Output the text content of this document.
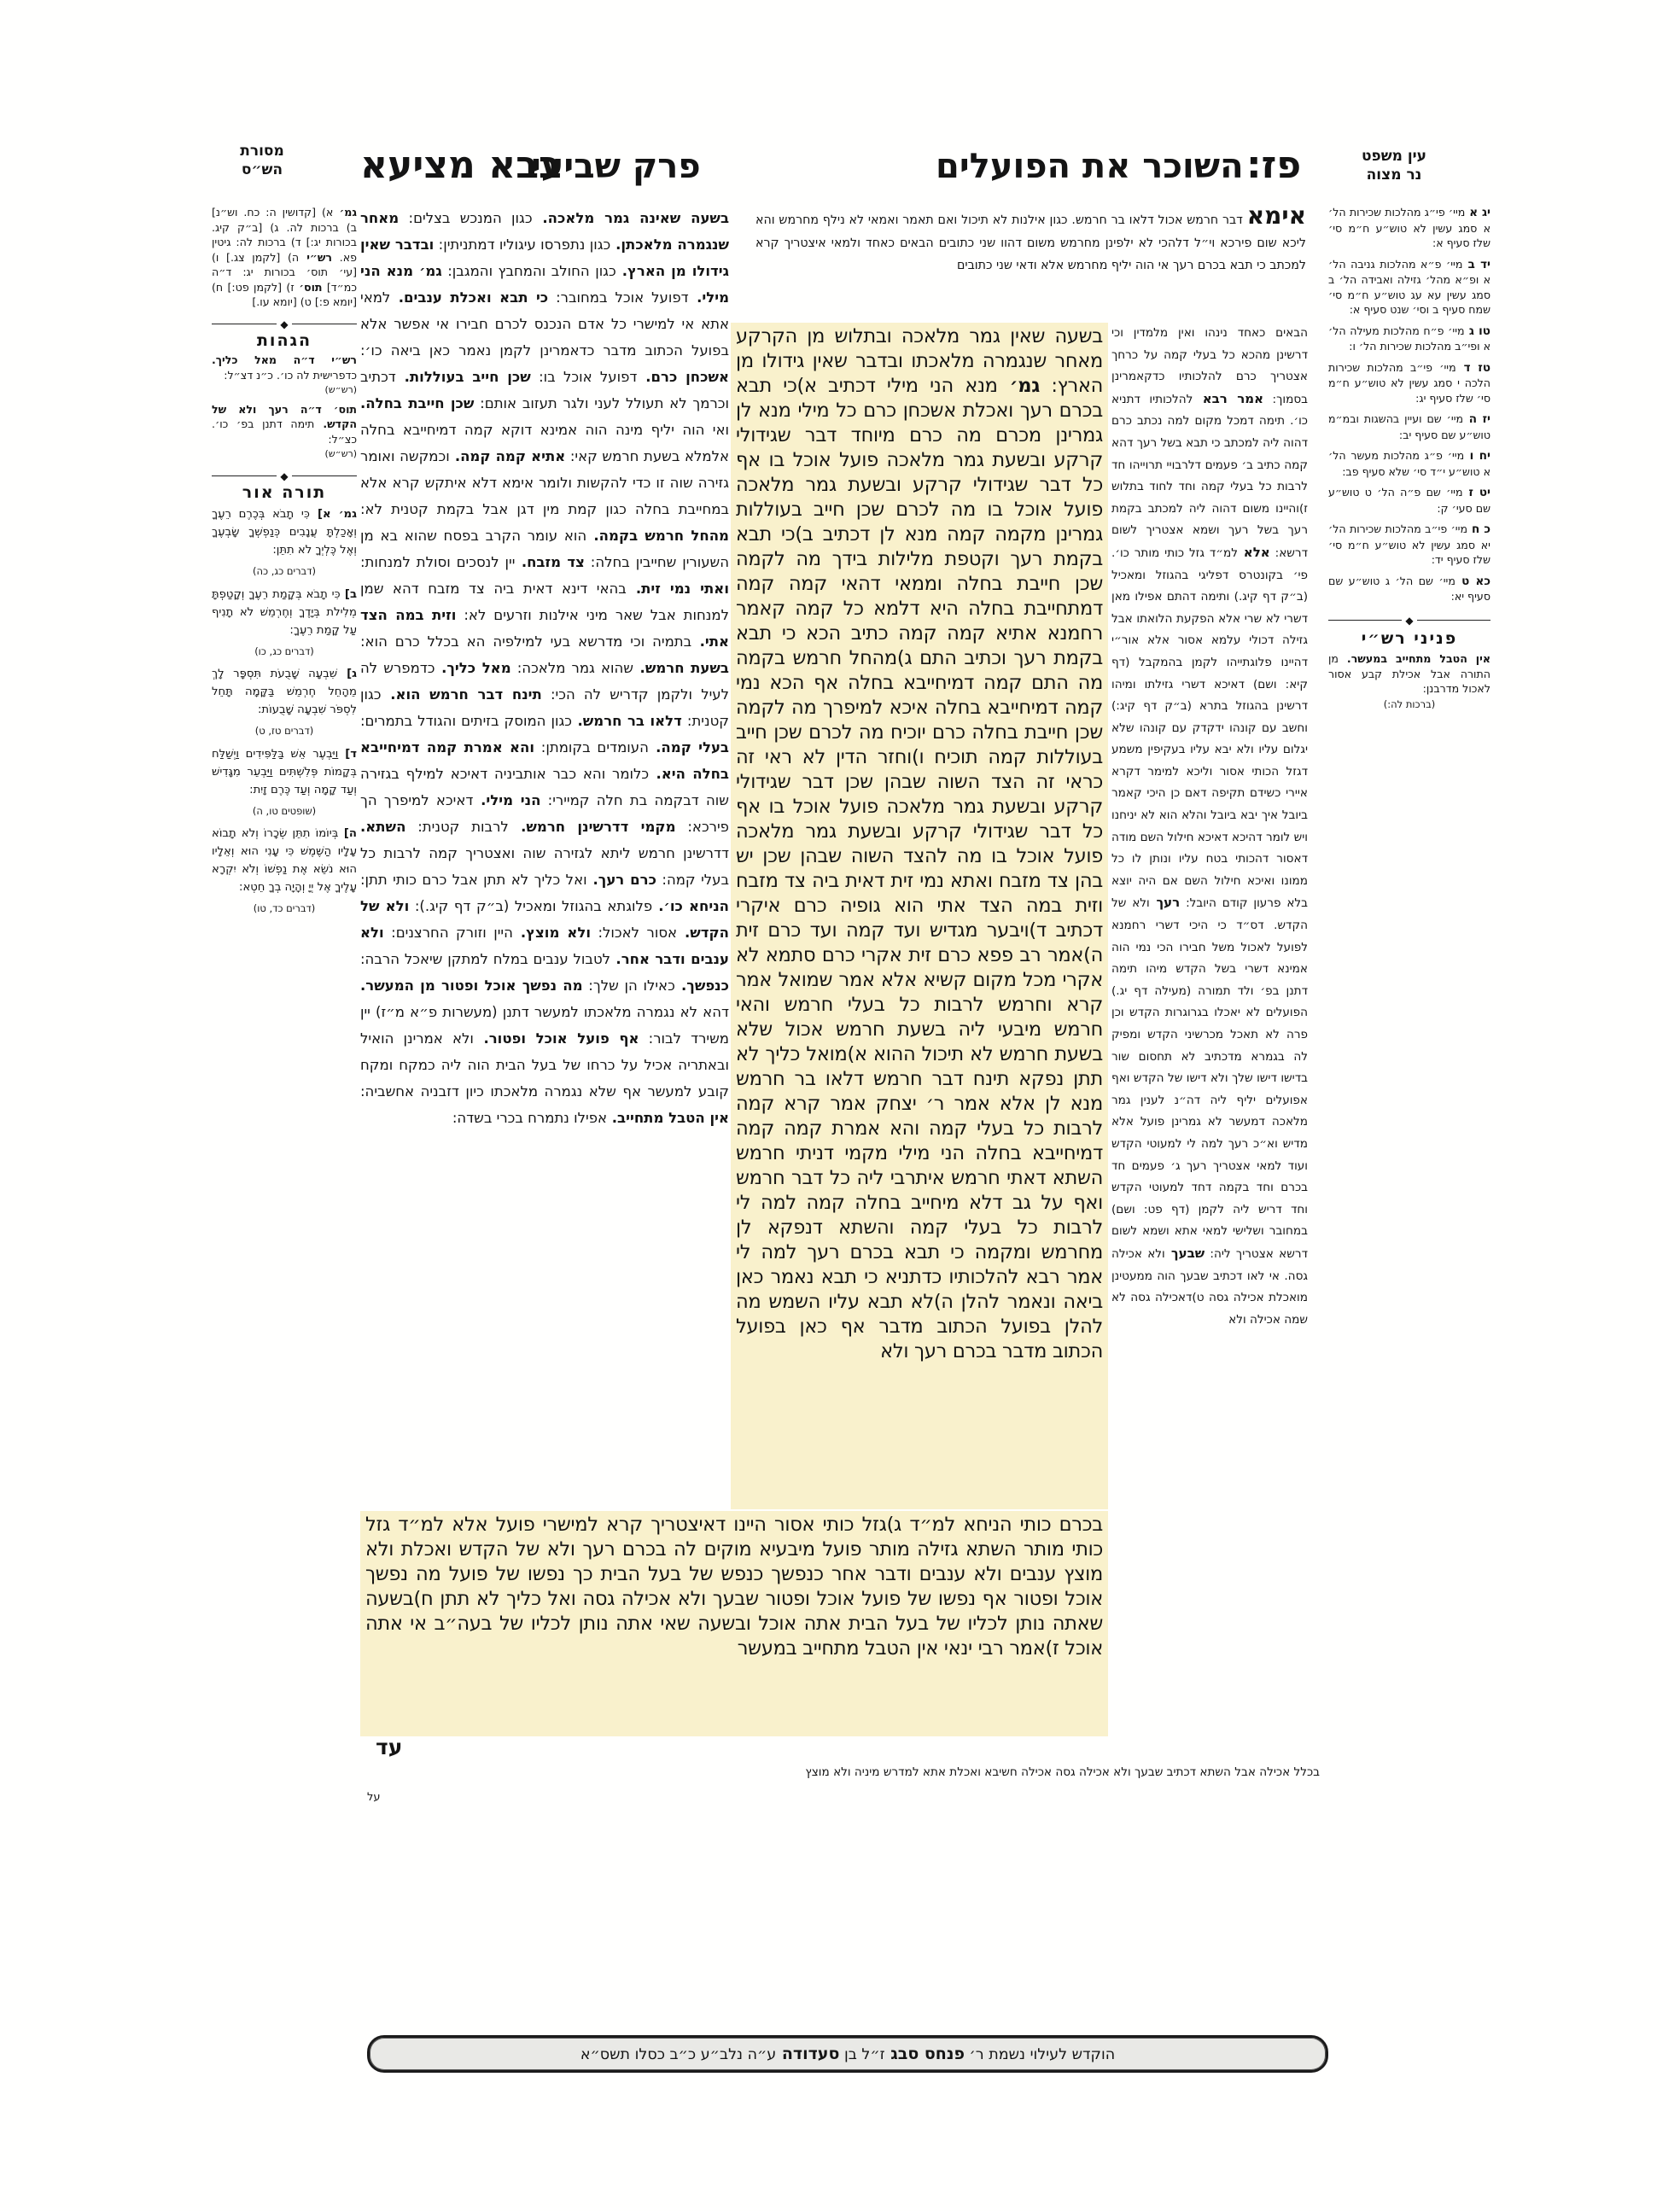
מסורת
הש״ס	בבא מציעא
פרק שביעי	השוכר את הפועלים פז:	עין משפט
נר מצוה
גמ׳ א) [קדושין ה: כח. וש״נ] ב) ברכות לה. ג) [ב״ק קיג. בכורות יג:] ד) ברכות לה: גיטין פא. רש״י ה) [לקמן צג.] ו) [עי׳ תוס׳ בכורות יג: ד״ה כמ״ד] תוס׳ ז) [לקמן פט:] ח) [יומא פ:] ט) [יומא עו.]
◆
הגהות
רש״י ד״ה מאל כליך. כדפרישית לה כו׳. כ״נ דצ״ל:
(רש״ש)
תוס׳ ד״ה רעך ולא של הקדש. תימה דתנן בפ׳ כו׳. כצ״ל:
(רש״ש)
◆
תורה אור
גמ׳ א] כִּי תָבֹא בְּכֶרֶם רֵעֶךָ וְאָכַלְתָּ עֲנָבִים כְּנַפְשְׁךָ שָׂבְעֶךָ וְאֶל כֶּלְיְךָ לֹא תִתֵּן:
(דברים כג, כה)
ב] כִּי תָבֹא בְּקָמַת רֵעֶךָ וְקָטַפְתָּ מְלִילֹת בְּיָדֶךָ וְחֶרְמֵשׁ לֹא תָנִיף עַל קָמַת רֵעֶךָ:
(דברים כג, כו)
ג] שִׁבְעָה שָׁבֻעֹת תִּסְפָּר לָךְ מֵהָחֵל חֶרְמֵשׁ בַּקָּמָה תָּחֵל לִסְפֹּר שִׁבְעָה שָׁבֻעוֹת:
(דברים טז, ט)
ד] וַיַּבְעֶר אֵשׁ בַּלַּפִּידִים וַיְשַׁלַּח בְּקָמוֹת פְּלִשְׁתִּים וַיַּבְעֵר מִגָּדִישׁ וְעַד קָמָה וְעַד כֶּרֶם זָיִת:
(שופטים טו, ה)
ה] בְּיוֹמוֹ תִתֵּן שְׂכָרוֹ וְלֹא תָבוֹא עָלָיו הַשֶּׁמֶשׁ כִּי עָנִי הוּא וְאֵלָיו הוּא נֹשֵׂא אֶת נַפְשׁוֹ וְלֹא יִקְרָא עָלֶיךָ אֶל יְיָ וְהָיָה בְךָ חֵטְא:
(דברים כד, טו)
בשעה שאינה גמר מלאכה. כגון המנכש בצלים: מאחר שנגמרה מלאכתן. כגון נתפרסו עיגוליו דמתניתין: ובדבר שאין גידולו מן הארץ. כגון החולב והמחבץ והמגבן: גמ׳ מנא הני מילי. דפועל אוכל במחובר: כי תבא ואכלת ענבים. למאי אתא אי למישרי כל אדם הנכנס לכרם חבירו אי אפשר אלא בפועל הכתוב מדבר כדאמרינן לקמן נאמר כאן ביאה כו׳: אשכחן כרם. דפועל אוכל בו: שכן חייב בעוללות. דכתיב וכרמך לא תעולל לעני ולגר תעזוב אותם: שכן חייבת בחלה. ואי הוה יליף מינה הוה אמינא דוקא קמה דמיחייבא בחלה אלמלא בשעת חרמש קאי: אתיא קמה קמה. וכמקשה ואומר גזירה שוה זו כדי להקשות ולומר אימא דלא איתקש קרא אלא במחייבת בחלה כגון קמת מין דגן אבל בקמת קטנית לא: מהחל חרמש בקמה. הוא עומר הקרב בפסח שהוא בא מן השעורין שחייבין בחלה: צד מזבח. יין לנסכים וסולת למנחות: ואתי נמי זית. בהאי דינא דאית ביה צד מזבח דהא שמן למנחות אבל שאר מיני אילנות וזרעים לא: וזית במה הצד אתי. בתמיה וכי מדרשא בעי למילפיה הא בכלל כרם הוא: בשעת חרמש. שהוא גמר מלאכה: מאל כליך. כדמפרש לה לעיל ולקמן קדריש לה הכי: תינח דבר חרמש הוא. כגון קטנית: דלאו בר חרמש. כגון המוסק בזיתים והגודל בתמרים: בעלי קמה. העומדים בקומתן: והא אמרת קמה דמיחייבא בחלה היא. כלומר והא כבר אותביניה דאיכא למילף בגזירה שוה דבקמה בת חלה קמיירי: הני מילי. דאיכא למיפרך הך פירכא: מקמי דדרשינן חרמש. לרבות קטנית: השתא. דדרשינן חרמש ליתא לגזירה שוה ואצטריך קמה לרבות כל בעלי קמה: כרם רעך. ואל כליך לא תתן אבל כרם כותי תתן: הניחא כו׳. פלוגתא בהגוזל ומאכיל (ב״ק דף קיג.): ולא של הקדש. אסור לאכול: ולא מוצץ. היין וזורק החרצנים: ולא ענבים ודבר אחר. לטבול ענבים במלח למתקן שיאכל הרבה: כנפשך. כאילו הן שלך: מה נפשך אוכל ופטור מן המעשר. דהא לא נגמרה מלאכתו למעשר דתנן (מעשרות פ״א מ״ז) יין משירד לבור: אף פועל אוכל ופטור. ולא אמרינן הואיל ובאתריה אכיל על כרחו של בעל הבית הוה ליה כמקח ומקח קובע למעשר אף שלא נגמרה מלאכתו כיון דזבניה אחשביה: אין הטבל מתחייב. אפילו נתמרח בכרי בשדה:
אימא דבר חרמש אכול דלאו בר חרמש. כגון אילנות לא תיכול ואם תאמר ואמאי לא נילף מחרמש והא ליכא שום פירכא וי״ל דלהכי לא ילפינן מחרמש משום דהוו שני כתובים הבאים כאחד ולמאי איצטריך קרא למכתב כי תבא בכרם רעך אי הוה יליף מחרמש אלא ודאי שני כתובים
בשעה שאין גמר מלאכה ובתלוש מן הקרקע מאחר שנגמרה מלאכתו ובדבר שאין גידולו מן הארץ: גמ׳ מנא הני מילי דכתיב א)כי תבא בכרם רעך ואכלת אשכחן כרם כל מילי מנא לן גמרינן מכרם מה כרם מיוחד דבר שגידולי קרקע ובשעת גמר מלאכה פועל אוכל בו אף כל דבר שגידולי קרקע ובשעת גמר מלאכה פועל אוכל בו מה לכרם שכן חייב בעוללות גמרינן מקמה קמה מנא לן דכתיב ב)כי תבא בקמת רעך וקטפת מלילות בידך מה לקמה שכן חייבת בחלה וממאי דהאי קמה קמה דמתחייבת בחלה היא דלמא כל קמה קאמר רחמנא אתיא קמה קמה כתיב הכא כי תבא בקמת רעך וכתיב התם ג)מהחל חרמש בקמה מה התם קמה דמיחייבא בחלה אף הכא נמי קמה דמיחייבא בחלה איכא למיפרך מה לקמה שכן חייבת בחלה כרם יוכיח מה לכרם שכן חייב בעוללות קמה תוכיח ו)וחזר הדין לא ראי זה כראי זה הצד השוה שבהן שכן דבר שגידולי קרקע ובשעת גמר מלאכה פועל אוכל בו אף כל דבר שגידולי קרקע ובשעת גמר מלאכה פועל אוכל בו מה להצד השוה שבהן שכן יש בהן צד מזבח ואתא נמי זית דאית ביה צד מזבח וזית במה הצד אתי הוא גופיה כרם איקרי דכתיב ד)ויבער מגדיש ועד קמה ועד כרם זית ה)אמר רב פפא כרם זית אקרי כרם סתמא לא אקרי מכל מקום קשיא אלא אמר שמואל אמר קרא וחרמש לרבות כל בעלי חרמש והאי חרמש מיבעי ליה בשעת חרמש אכול שלא בשעת חרמש לא תיכול ההוא א)מואל כליך לא תתן נפקא תינח דבר חרמש דלאו בר חרמש מנא לן אלא אמר ר׳ יצחק אמר קרא קמה לרבות כל בעלי קמה והא אמרת קמה קמה דמיחייבא בחלה הני מילי מקמי דניתי חרמש השתא דאתי חרמש איתרבי ליה כל דבר חרמש ואף על גב דלא מיחייב בחלה קמה למה לי לרבות כל בעלי קמה והשתא דנפקא לן מחרמש ומקמה כי תבא בכרם רעך למה לי אמר רבא להלכותיו כדתניא כי תבא נאמר כאן ביאה ונאמר להלן ה)לא תבא עליו השמש מה להלן בפועל הכתוב מדבר אף כאן בפועל הכתוב מדבר בכרם רעך ולא
הבאים כאחד נינהו ואין מלמדין וכי דרשינן מהכא כל בעלי קמה על כרחך אצטריך כרם להלכותיו כדקאמרינן בסמוך: אמר רבא להלכותיו דתניא כו׳. תימה דמכל מקום למה נכתב כרם דהוה ליה למכתב כי תבא בשל רעך דהא קמה כתיב ב׳ פעמים דלרבויי תרוייהו חד לרבות כל בעלי קמה וחד לחוד בתלוש ז)והיינו משום דהוה ליה למכתב בקמת רעך בשל רעך ושמא אצטריך לשום דרשא: אלא למ״ד גזל כותי מותר כו׳. פי׳ בקונטרס דפליגי בהגוזל ומאכיל (ב״ק דף קיג.) ותימה דהתם אפילו מאן דשרי לא שרי אלא הפקעת הלואתו אבל גזילה דכולי עלמא אסור אלא אור״י דהיינו פלוגתייהו לקמן בהמקבל (דף קיא: ושם) דאיכא דשרי גזילתו ומיהו דרשינן בהגוזל בתרא (ב״ק דף קיג:) וחשב עם קונהו ידקדק עם קונהו שלא יגלום עליו ולא יבא עליו בעקיפין משמע דגזל הכותי אסור וליכא למימר דקרא איירי כשידם תקיפה דאם כן היכי קאמר ביובל איך יבא ביובל והלא הוא לא יניחנו ויש לומר דהיכא דאיכא חילול השם מודה דאסור דהכותי בטח עליו ונותן לו כל ממונו ואיכא חילול השם אם היה יוצא בלא פרעון קודם היובל: רעך ולא של הקדש. דס״ד כי היכי דשרי רחמנא לפועל לאכול משל חבירו הכי נמי הוה אמינא דשרי בשל הקדש מיהו תימה דתנן בפ׳ ולד תמורה (מעילה דף יג.) הפועלים לא יאכלו בגרוגרות הקדש וכן פרה לא תאכל מכרשיני הקדש ומפיק לה בגמרא מדכתיב לא תחסום שור בדישו דישו שלך ולא דישו של הקדש ואף אפועלים יליף ליה דה״נ לענין גמר מלאכה דמעשר לא גמרינן פועל אלא מדיש וא״כ רעך למה לי למעוטי הקדש ועוד למאי אצטריך רעך ג׳ פעמים חד בכרם וחד בקמה דחד למעוטי הקדש וחד דריש ליה לקמן (דף פט: ושם) במחובר ושלישי למאי אתא ושמא לשום דרשא אצטריך ליה: שבעך ולא אכילה גסה. אי לאו דכתיב שבעך הוה ממעטינן מואכלת אכילה גסה ט)דאכילה גסה לא שמה אכילה ולא
בכרם כותי הניחא למ״ד ג)גזל כותי אסור היינו דאיצטריך קרא למישרי פועל אלא למ״ד גזל כותי מותר השתא גזילה מותר פועל מיבעיא מוקים לה בכרם רעך ולא של הקדש ואכלת ולא מוצץ ענבים ולא ענבים ודבר אחר כנפשך כנפש של בעל הבית כך נפשו של פועל מה נפשך אוכל ופטור אף נפשו של פועל אוכל ופטור שבעך ולא אכילה גסה ואל כליך לא תתן ח)בשעה שאתה נותן לכליו של בעל הבית אתה אוכל ובשעה שאי אתה נותן לכליו של בעה״ב אי אתה אוכל ז)אמר רבי ינאי אין הטבל מתחייב במעשר
עד
בכלל אכילה אבל השתא דכתיב שבעך ולא אכילה גסה אכילה חשיבא ואכלת אתא למדרש מיניה ולא מוצץ
על
יג א מיי׳ פי״ג מהלכות שכירות הל׳ א סמג עשין לא טוש״ע ח״מ סי׳ שלז סעיף א:
יד ב מיי׳ פ״א מהלכות גניבה הל׳ א ופ״א מהל׳ גזילה ואבידה הל׳ ב סמג עשין עא עג טוש״ע ח״מ סי׳ שמח סעיף ב וסי׳ שנט סעיף א:
טו ג מיי׳ פ״ח מהלכות מעילה הל׳ א ופי״ב מהלכות שכירות הל׳ ו:
טז ד מיי׳ פי״ב מהלכות שכירות הלכה י סמג עשין לא טוש״ע ח״מ סי׳ שלז סעיף יג:
יז ה מיי׳ שם ועיין בהשגות ובמ״מ טוש״ע שם סעיף יב:
יח ו מיי׳ פ״ג מהלכות מעשר הל׳ א טוש״ע י״ד סי׳ שלא סעיף פב:
יט ז מיי׳ שם פ״ה הל׳ ט טוש״ע שם סעי׳ ק:
כ ח מיי׳ פי״ב מהלכות שכירות הל׳ יא סמג עשין לא טוש״ע ח״מ סי׳ שלז סעיף יד:
כא ט מיי׳ שם הל׳ ג טוש״ע שם סעיף יא:
◆
פניני רש״י
אין הטבל מתחייב במעשר. מן התורה אבל אכילת קבע אסור לאכול מדרבנן:
(ברכות לה:)
הוקדש לעילוי נשמת ר׳ פנחס סבג ז״ל בן סעדודה ע״ה נלב״ע כ״ב כסלו תשס״א
